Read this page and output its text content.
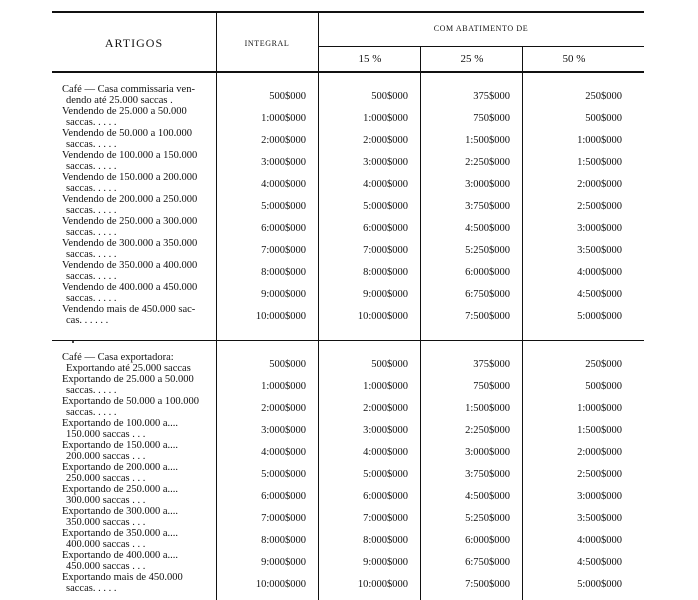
ARTIGOS	INTEGRAL
COM ABATIMENTO DE
15 %	25 %	50 %
Café — Casa commissaria ven-
dendo até 25.000 saccas .	500$000	500$000	375$000	250$000
Vendendo de 25.000 a 50.000
saccas. . . . .	1:000$000	1:000$000	750$000	500$000
Vendendo de 50.000 a 100.000
saccas. . . . .	2:000$000	2:000$000	1:500$000	1:000$000
Vendendo de 100.000 a 150.000
saccas. . . . .	3:000$000	3:000$000	2:250$000	1:500$000
Vendendo de 150.000 a 200.000
saccas. . . . .	4:000$000	4:000$000	3:000$000	2:000$000
Vendendo de 200.000 a 250.000
saccas. . . . .	5:000$000	5:000$000	3:750$000	2:500$000
Vendendo de 250.000 a 300.000
saccas. . . . .	6:000$000	6:000$000	4:500$000	3:000$000
Vendendo de 300.000 a 350.000
saccas. . . . .	7:000$000	7:000$000	5:250$000	3:500$000
Vendendo de 350.000 a 400.000
saccas. . . . .	8:000$000	8:000$000	6:000$000	4:000$000
Vendendo de 400.000 a 450.000
saccas. . . . .	9:000$000	9:000$000	6:750$000	4:500$000
Vendendo mais de 450.000 sac-
cas. . . . . .	10:000$000	10:000$000	7:500$000	5:000$000
Café — Casa exportadora:
Exportando até 25.000 saccas	500$000	500$000	375$000	250$000
Exportando de 25.000 a 50.000
saccas. . . . .	1:000$000	1:000$000	750$000	500$000
Exportando de 50.000 a 100.000
saccas. . . . .	2:000$000	2:000$000	1:500$000	1:000$000
Exportando de 100.000 a....
150.000 saccas . . .	3:000$000	3:000$000	2:250$000	1:500$000
Exportando de 150.000 a....
200.000 saccas . . .	4:000$000	4:000$000	3:000$000	2:000$000
Exportando de 200.000 a....
250.000 saccas . . .	5:000$000	5:000$000	3:750$000	2:500$000
Exportando de 250.000 a....
300.000 saccas . . .	6:000$000	6:000$000	4:500$000	3:000$000
Exportando de 300.000 a....
350.000 saccas . . .	7:000$000	7:000$000	5:250$000	3:500$000
Exportando de 350.000 a....
400.000 saccas . . .	8:000$000	8:000$000	6:000$000	4:000$000
Exportando de 400.000 a....
450.000 saccas . . .	9:000$000	9:000$000	6:750$000	4:500$000
Exportando mais de 450.000
saccas. . . . .	10:000$000	10:000$000	7:500$000	5:000$000
